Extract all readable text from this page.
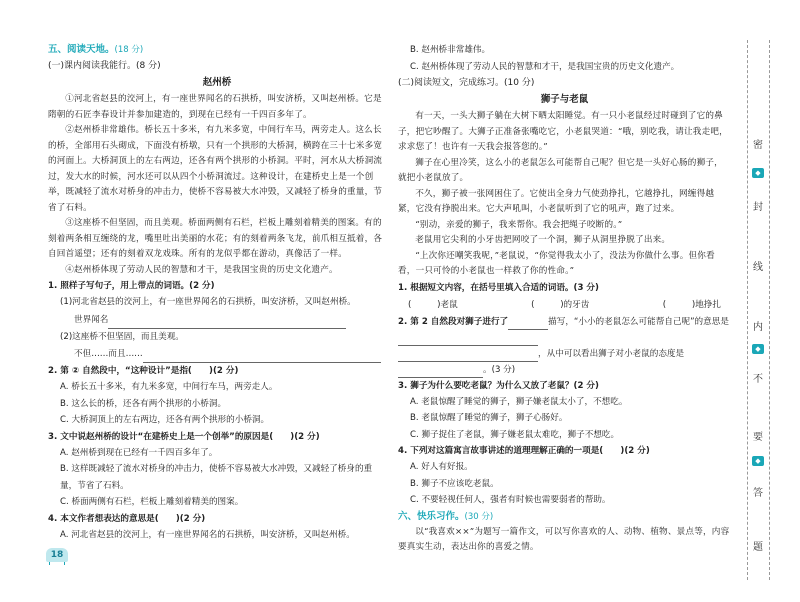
五、阅读天地。(18 分)
(一)课内阅读我能行。(8 分)
赵州桥

①河北省赵县的洨河上，有一座世界闻名的石拱桥，叫安济桥，又叫赵州桥。它是隋朝的石匠李春设计并参加建造的，到现在已经有一千四百多年了。

②赵州桥非常雄伟。桥长五十多米，有九米多宽，中间行车马，两旁走人。这么长的桥，全部用石头砌成，下面没有桥墩，只有一个拱形的大桥洞，横跨在三十七米多宽的河面上。大桥洞顶上的左右两边，还各有两个拱形的小桥洞。平时，河水从大桥洞流过，发大水的时候，河水还可以从四个小桥洞流过。这种设计，在建桥史上是一个创举，既减轻了流水对桥身的冲击力，使桥不容易被大水冲毁，又减轻了桥身的重量，节省了石料。

③这座桥不但坚固，而且美观。桥面两侧有石栏，栏板上雕刻着精美的图案。有的刻着两条相互缠绕的龙，嘴里吐出美丽的水花；有的刻着两条飞龙，前爪相互抵着，各自回首遥望；还有的刻着双龙戏珠。所有的龙似乎都在游动，真像活了一样。

④赵州桥体现了劳动人民的智慧和才干，是我国宝贵的历史文化遗产。

1. 照样子写句子，用上带点的词语。(2 分)
(1)河北省赵县的洨河上，有一座世界闻名的石拱桥，叫安济桥，又叫赵州桥。
世界闻名
(2)这座桥不但坚固，而且美观。
不但……而且……
2. 第 ② 自然段中，“这种设计”是指(　　)(2 分)
A. 桥长五十多米，有九米多宽，中间行车马，两旁走人。
B. 这么长的桥，还各有两个拱形的小桥洞。
C. 大桥洞顶上的左右两边，还各有两个拱形的小桥洞。
3. 文中说赵州桥的设计“在建桥史上是一个创举”的原因是(　　)(2 分)
A. 赵州桥到现在已经有一千四百多年了。
B. 这样既减轻了流水对桥身的冲击力，使桥不容易被大水冲毁，又减轻了桥身的重量，节省了石料。
C. 桥面两侧有石栏，栏板上雕刻着精美的图案。
4. 本文作者想表达的意思是(　　)(2 分)
A. 河北省赵县的洨河上，有一座世界闻名的石拱桥，叫安济桥，又叫赵州桥。
B. 赵州桥非常雄伟。
C. 赵州桥体现了劳动人民的智慧和才干，是我国宝贵的历史文化遗产。
(二)阅读短文，完成练习。(10 分)
狮子与老鼠

有一天，一头大狮子躺在大树下晒太阳睡觉。有一只小老鼠经过时碰到了它的鼻子，把它吵醒了。大狮子正准备张嘴吃它，小老鼠哭道：“哦，别吃我，请让我走吧，求求您了！也许有一天我会报答您的。”

狮子在心里冷笑，这么小的老鼠怎么可能帮自己呢？但它是一头好心肠的狮子，就把小老鼠放了。

不久，狮子被一张网困住了。它使出全身力气使劲挣扎，它越挣扎，网缠得越紧，它没有挣脱出来。它大声吼叫，小老鼠听到了它的吼声，跑了过来。

“别动，亲爱的狮子，我来帮你。我会把绳子咬断的。”

老鼠用它尖利的小牙齿把网咬了一个洞，狮子从洞里挣脱了出来。

“上次你还嘲笑我呢，”老鼠说，“你觉得我太小了，没法为你做什么事。但你看看，一只可怜的小老鼠也一样救了你的性命。”

1. 根据短文内容，在括号里填入合适的词语。(3 分)
(　　　)老鼠	(　　　)的牙齿	(　　　)地挣扎
2. 第 2 自然段对狮子进行了	描写，“小小的老鼠怎么可能帮自己呢”的意思是
，从中可以看出狮子对小老鼠的态度是。(3 分)
3. 狮子为什么要吃老鼠？为什么又放了老鼠？(2 分)
A. 老鼠惊醒了睡觉的狮子，狮子嫌老鼠太小了，不想吃。
B. 老鼠惊醒了睡觉的狮子，狮子心肠好。
C. 狮子捉住了老鼠，狮子嫌老鼠太难吃，狮子不想吃。
4. 下列对这篇寓言故事讲述的道理理解正确的一项是(　　)(2 分)
A. 好人有好报。
B. 狮子不应该吃老鼠。
C. 不要轻视任何人，强者有时候也需要弱者的帮助。
六、快乐习作。(30 分)

以“我喜欢××”为题写一篇作文，可以写你喜欢的人、动物、植物、景点等，内容要真实生动，表达出你的喜爱之情。

密
◆
封
线
内
◆
不
要
◆
答
题
18
